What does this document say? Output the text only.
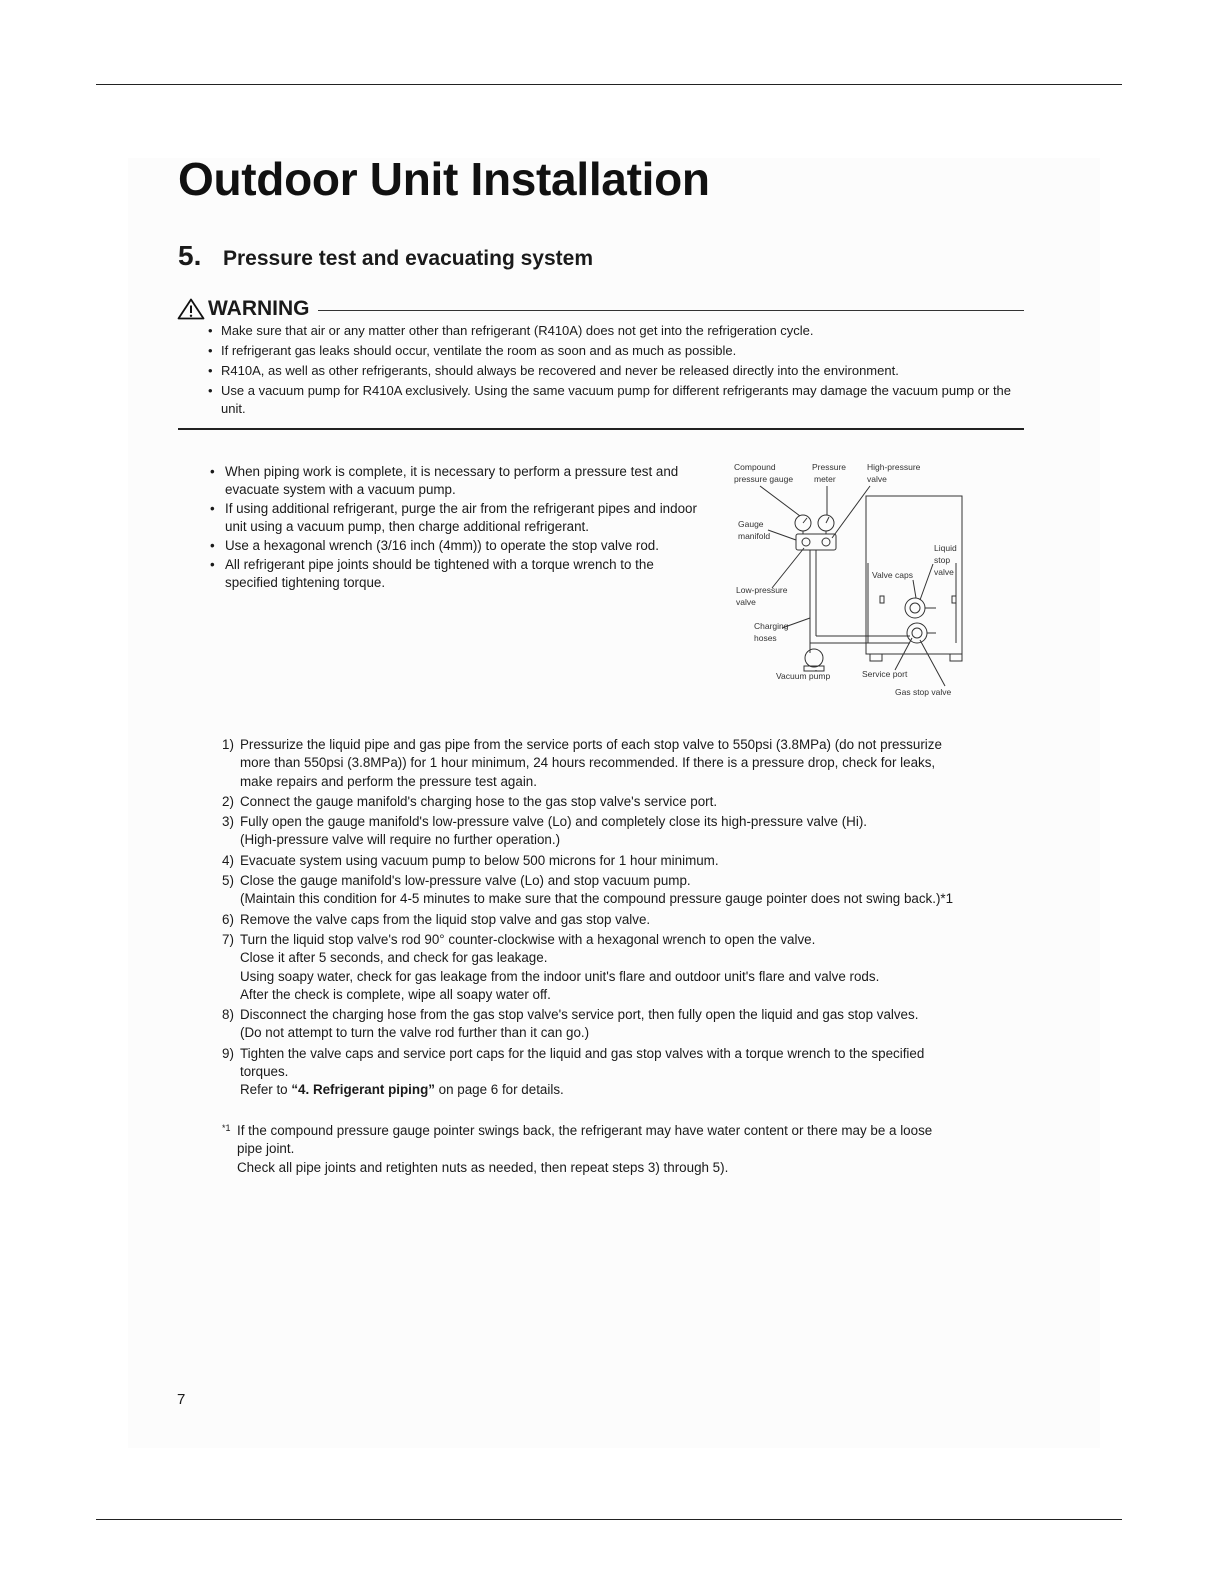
Outdoor Unit Installation
5.	Pressure test and evacuating system
WARNING
• Make sure that air or any matter other than refrigerant (R410A) does not get into the refrigeration cycle.
• If refrigerant gas leaks should occur, ventilate the room as soon and as much as possible.
• R410A, as well as other refrigerants, should always be recovered and never be released directly into the environment.
• Use a vacuum pump for R410A exclusively. Using the same vacuum pump for different refrigerants may damage the vacuum pump or the unit.
• When piping work is complete, it is necessary to perform a pressure test and evacuate system with a vacuum pump.
• If using additional refrigerant, purge the air from the refrigerant pipes and indoor unit using a vacuum pump, then charge additional refrigerant.
• Use a hexagonal wrench (3/16 inch (4mm)) to operate the stop valve rod.
• All refrigerant pipe joints should be tightened with a torque wrench to the specified tightening torque.
Compound
pressure gauge
Pressure
meter
High-pressure
valve
Gauge
manifold
Liquid
stop
valve
Valve caps
Low-pressure
valve
Charging
hoses
Vacuum pump	Service port
Gas stop valve
1) Pressurize the liquid pipe and gas pipe from the service ports of each stop valve to 550psi (3.8MPa) (do not pressurize
more than 550psi (3.8MPa)) for 1 hour minimum, 24 hours recommended. If there is a pressure drop, check for leaks,
make repairs and perform the pressure test again.
2) Connect the gauge manifold's charging hose to the gas stop valve's service port.
3) Fully open the gauge manifold's low-pressure valve (Lo) and completely close its high-pressure valve (Hi).
(High-pressure valve will require no further operation.)
4) Evacuate system using vacuum pump to below 500 microns for 1 hour minimum.
5) Close the gauge manifold's low-pressure valve (Lo) and stop vacuum pump.
(Maintain this condition for 4-5 minutes to make sure that the compound pressure gauge pointer does not swing back.)*1
6) Remove the valve caps from the liquid stop valve and gas stop valve.
7) Turn the liquid stop valve's rod 90° counter-clockwise with a hexagonal wrench to open the valve.
Close it after 5 seconds, and check for gas leakage.
Using soapy water, check for gas leakage from the indoor unit's flare and outdoor unit's flare and valve rods.
After the check is complete, wipe all soapy water off.
8) Disconnect the charging hose from the gas stop valve's service port, then fully open the liquid and gas stop valves.
(Do not attempt to turn the valve rod further than it can go.)
9) Tighten the valve caps and service port caps for the liquid and gas stop valves with a torque wrench to the specified
torques.
Refer to “4. Refrigerant piping” on page 6 for details.
*1 If the compound pressure gauge pointer swings back, the refrigerant may have water content or there may be a loose
pipe joint.
Check all pipe joints and retighten nuts as needed, then repeat steps 3) through 5).
7
